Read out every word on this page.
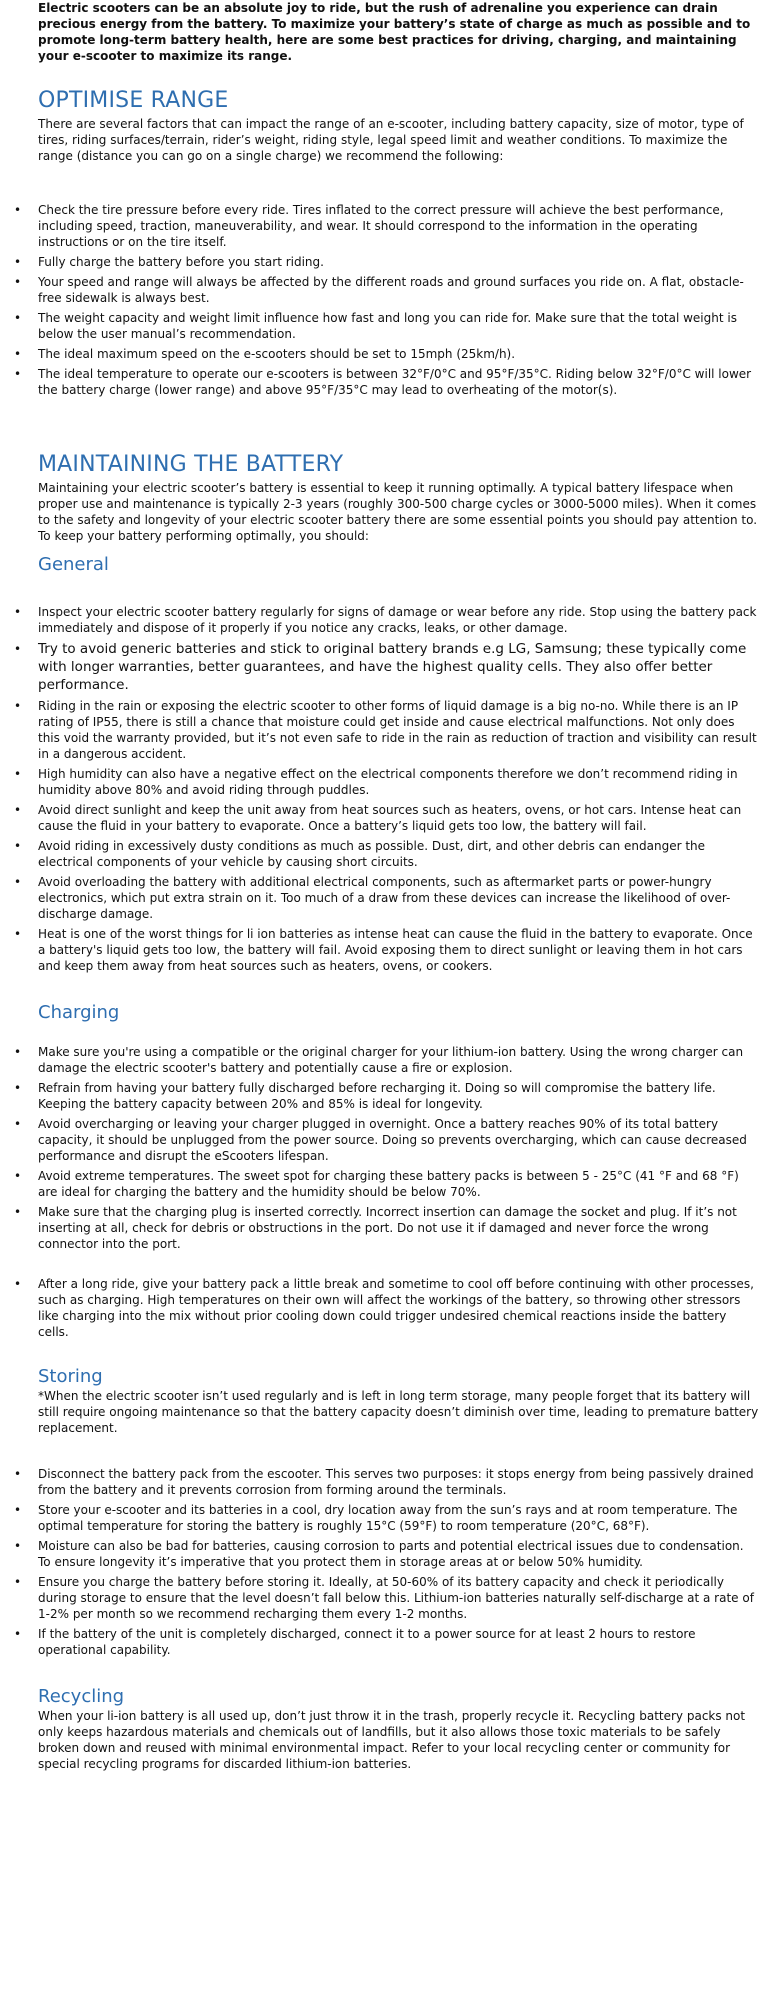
Electric scooters can be an absolute joy to ride, but the rush of adrenaline you experience can drain precious energy from the battery. To maximize your battery’s state of charge as much as possible and to promote long-term battery health, here are some best practices for driving, charging, and maintaining your e-scooter to maximize its range.

OPTIMISE RANGE

There are several factors that can impact the range of an e-scooter, including battery capacity, size of motor, type of tires, riding surfaces/terrain, rider’s weight, riding style, legal speed limit and weather conditions. To maximize the range (distance you can go on a single charge) we recommend the following:

• Check the tire pressure before every ride. Tires inflated to the correct pressure will achieve the best performance, including speed, traction, maneuverability, and wear. It should correspond to the information in the operating instructions or on the tire itself.
• Fully charge the battery before you start riding.
• Your speed and range will always be affected by the different roads and ground surfaces you ride on. A flat, obstacle-free sidewalk is always best.
• The weight capacity and weight limit influence how fast and long you can ride for. Make sure that the total weight is below the user manual’s recommendation.
• The ideal maximum speed on the e-scooters should be set to 15mph (25km/h).
• The ideal temperature to operate our e-scooters is between 32°F/0°C and 95°F/35°C. Riding below 32°F/0°C will lower the battery charge (lower range) and above 95°F/35°C may lead to overheating of the motor(s).
MAINTAINING THE BATTERY

Maintaining your electric scooter’s battery is essential to keep it running optimally. A typical battery lifespace when proper use and maintenance is typically 2-3 years (roughly 300-500 charge cycles or 3000-5000 miles). When it comes to the safety and longevity of your electric scooter battery there are some essential points you should pay attention to. To keep your battery performing optimally, you should:

General
• Inspect your electric scooter battery regularly for signs of damage or wear before any ride. Stop using the battery pack immediately and dispose of it properly if you notice any cracks, leaks, or other damage.
• Try to avoid generic batteries and stick to original battery brands e.g LG, Samsung; these typically come with longer warranties, better guarantees, and have the highest quality cells. They also offer better performance.
• Riding in the rain or exposing the electric scooter to other forms of liquid damage is a big no-no. While there is an IP rating of IP55, there is still a chance that moisture could get inside and cause electrical malfunctions. Not only does this void the warranty provided, but it’s not even safe to ride in the rain as reduction of traction and visibility can result in a dangerous accident.
• High humidity can also have a negative effect on the electrical components therefore we don’t recommend riding in humidity above 80% and avoid riding through puddles.
• Avoid direct sunlight and keep the unit away from heat sources such as heaters, ovens, or hot cars. Intense heat can cause the fluid in your battery to evaporate. Once a battery’s liquid gets too low, the battery will fail.
• Avoid riding in excessively dusty conditions as much as possible. Dust, dirt, and other debris can endanger the electrical components of your vehicle by causing short circuits.
• Avoid overloading the battery with additional electrical components, such as aftermarket parts or power-hungry electronics, which put extra strain on it. Too much of a draw from these devices can increase the likelihood of over-discharge damage.
• Heat is one of the worst things for li ion batteries as intense heat can cause the fluid in the battery to evaporate. Once a battery's liquid gets too low, the battery will fail. Avoid exposing them to direct sunlight or leaving them in hot cars and keep them away from heat sources such as heaters, ovens, or cookers.
Charging
• Make sure you're using a compatible or the original charger for your lithium-ion battery. Using the wrong charger can damage the electric scooter's battery and potentially cause a fire or explosion.
• Refrain from having your battery fully discharged before recharging it. Doing so will compromise the battery life. Keeping the battery capacity between 20% and 85% is ideal for longevity.
• Avoid overcharging or leaving your charger plugged in overnight. Once a battery reaches 90% of its total battery capacity, it should be unplugged from the power source. Doing so prevents overcharging, which can cause decreased performance and disrupt the eScooters lifespan.
• Avoid extreme temperatures. The sweet spot for charging these battery packs is between 5 - 25°C (41 °F and 68 °F) are ideal for charging the battery and the humidity should be below 70%.
• Make sure that the charging plug is inserted correctly. Incorrect insertion can damage the socket and plug. If it’s not inserting at all, check for debris or obstructions in the port. Do not use it if damaged and never force the wrong connector into the port.
• After a long ride, give your battery pack a little break and sometime to cool off before continuing with other processes, such as charging. High temperatures on their own will affect the workings of the battery, so throwing other stressors like charging into the mix without prior cooling down could trigger undesired chemical reactions inside the battery cells.
Storing

*When the electric scooter isn’t used regularly and is left in long term storage, many people forget that its battery will still require ongoing maintenance so that the battery capacity doesn’t diminish over time, leading to premature battery replacement.

• Disconnect the battery pack from the escooter. This serves two purposes: it stops energy from being passively drained from the battery and it prevents corrosion from forming around the terminals.
• Store your e-scooter and its batteries in a cool, dry location away from the sun’s rays and at room temperature. The optimal temperature for storing the battery is roughly 15°C (59°F) to room temperature (20°C, 68°F).
• Moisture can also be bad for batteries, causing corrosion to parts and potential electrical issues due to condensation. To ensure longevity it’s imperative that you protect them in storage areas at or below 50% humidity.
• Ensure you charge the battery before storing it. Ideally, at 50-60% of its battery capacity and check it periodically during storage to ensure that the level doesn’t fall below this. Lithium-ion batteries naturally self-discharge at a rate of 1-2% per month so we recommend recharging them every 1-2 months.
• If the battery of the unit is completely discharged, connect it to a power source for at least 2 hours to restore operational capability.
Recycling

When your li-ion battery is all used up, don’t just throw it in the trash, properly recycle it. Recycling battery packs not only keeps hazardous materials and chemicals out of landfills, but it also allows those toxic materials to be safely broken down and reused with minimal environmental impact. Refer to your local recycling center or community for special recycling programs for discarded lithium-ion batteries.
